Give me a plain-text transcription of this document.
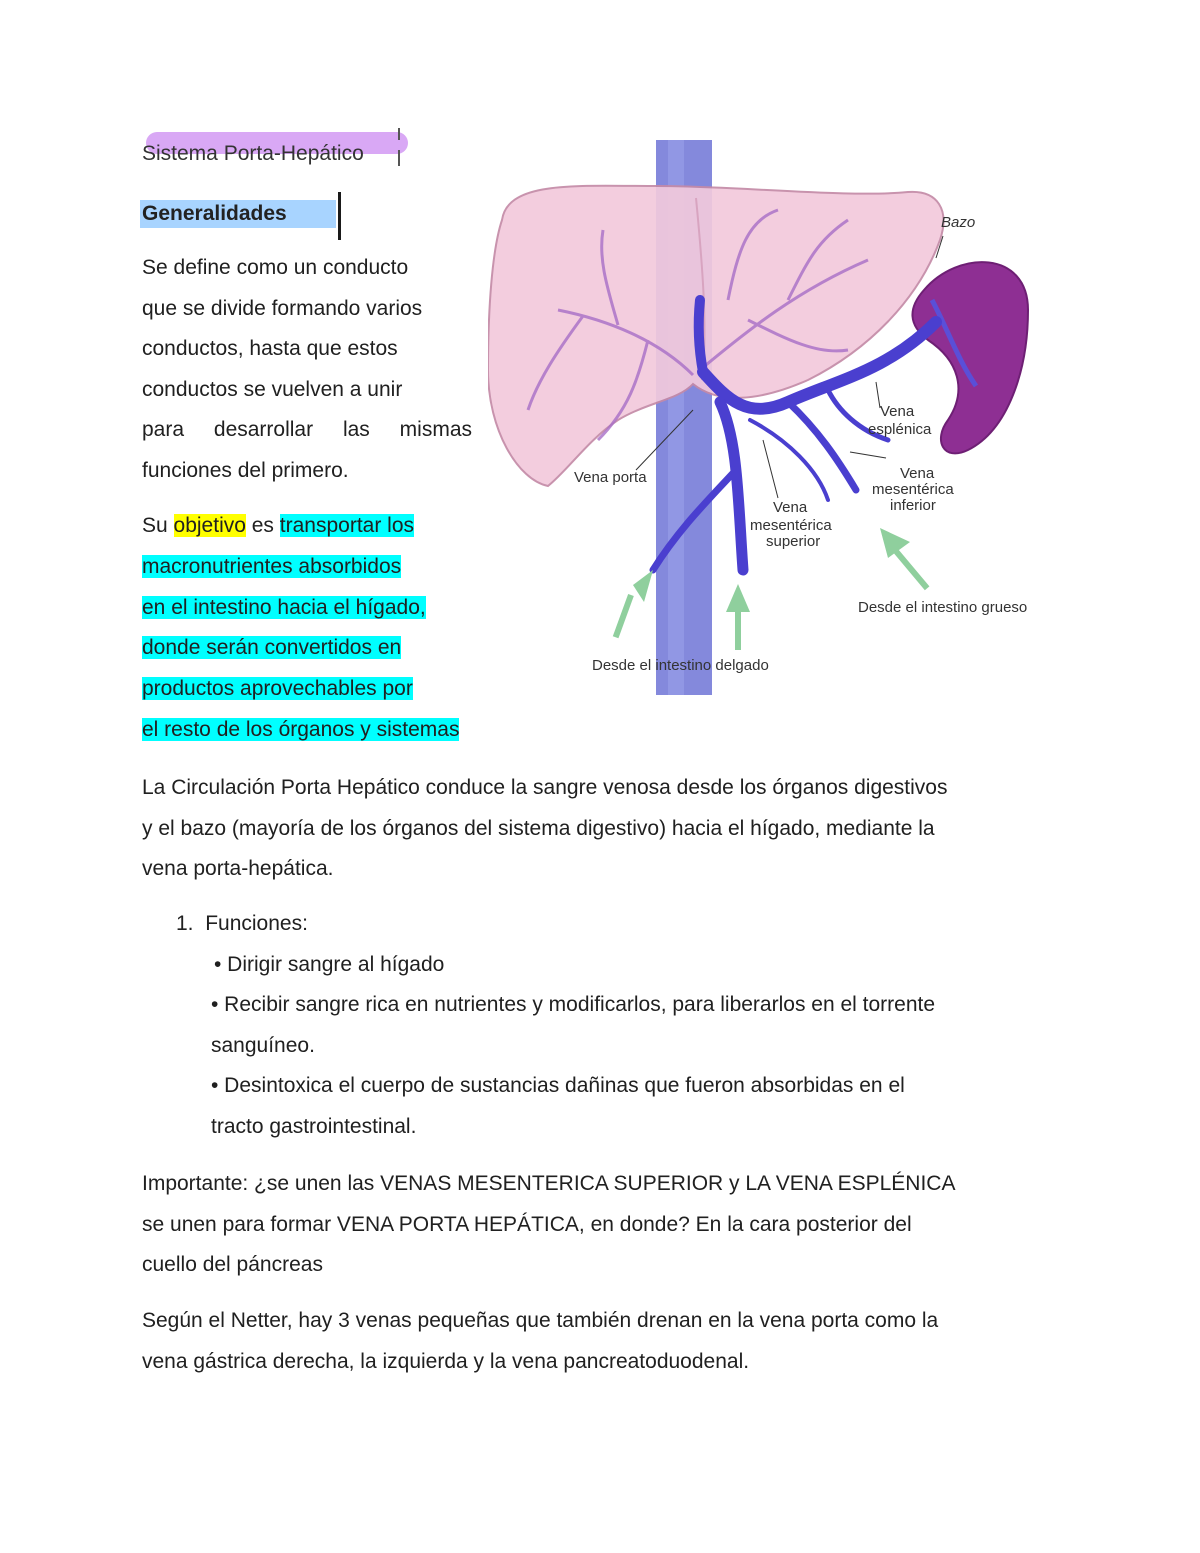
Sistema Porta-Hepático
Generalidades
Se define como un conducto
que se divide formando varios
conductos, hasta que estos
conductos se vuelven a unir
para desarrollar las mismas
funciones del primero.
Su objetivo es transportar los
macronutrientes absorbidos
en el intestino hacia el hígado,
donde serán convertidos en
productos aprovechables por
el resto de los órganos y sistemas
Bazo
Vena porta
Vena
esplénica
Vena
mesentérica
inferior
Vena
mesentérica
superior
Desde el intestino grueso
Desde el intestino delgado
La Circulación Porta Hepático conduce la sangre venosa desde los órganos digestivos
y el bazo (mayoría de los órganos del sistema digestivo) hacia el hígado, mediante la
vena porta-hepática.
1. Funciones:
• Dirigir sangre al hígado
• Recibir sangre rica en nutrientes y modificarlos, para liberarlos en el torrente
sanguíneo.
• Desintoxica el cuerpo de sustancias dañinas que fueron absorbidas en el
tracto gastrointestinal.
Importante: ¿se unen las VENAS MESENTERICA SUPERIOR y LA VENA ESPLÉNICA
se unen para formar VENA PORTA HEPÁTICA, en donde? En la cara posterior del
cuello del páncreas
Según el Netter, hay 3 venas pequeñas que también drenan en la vena porta como la
vena gástrica derecha, la izquierda y la vena pancreatoduodenal.
